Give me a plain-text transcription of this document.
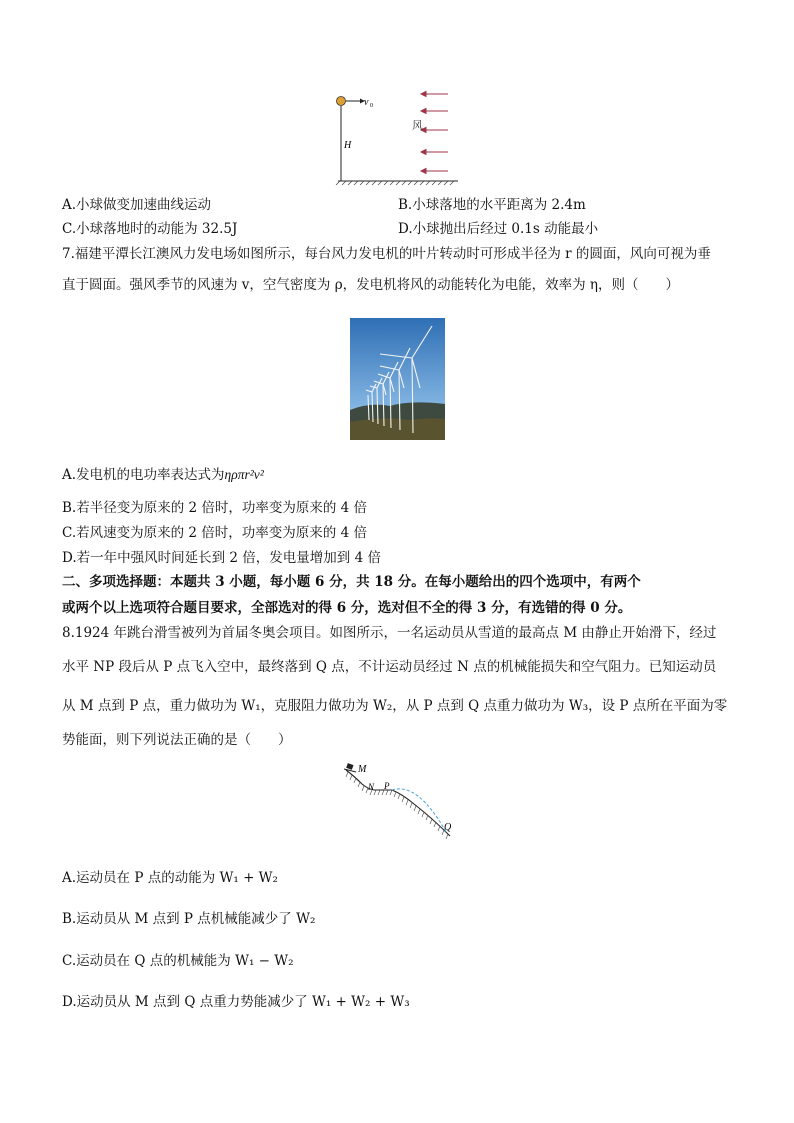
v 0
H
风
A.小球做变加速曲线运动	B.小球落地的水平距离为 2.4m
C.小球落地时的动能为 32.5J	D.小球抛出后经过 0.1s 动能最小
7.福建平潭长江澳风力发电场如图所示，每台风力发电机的叶片转动时可形成半径为 r 的圆面，风向可视为垂
直于圆面。强风季节的风速为 v，空气密度为 ρ，发电机将风的动能转化为电能，效率为 η，则（　　）
A.发电机的电功率表达式为ηρπr²v²
B.若半径变为原来的 2 倍时，功率变为原来的 4 倍
C.若风速变为原来的 2 倍时，功率变为原来的 4 倍
D.若一年中强风时间延长到 2 倍，发电量增加到 4 倍
二、多项选择题：本题共 3 小题，每小题 6 分，共 18 分。在每小题给出的四个选项中，有两个
或两个以上选项符合题目要求，全部选对的得 6 分，选对但不全的得 3 分，有选错的得 0 分。
8.1924 年跳台滑雪被列为首届冬奥会项目。如图所示，一名运动员从雪道的最高点 M 由静止开始滑下，经过
水平 NP 段后从 P 点飞入空中，最终落到 Q 点，不计运动员经过 N 点的机械能损失和空气阻力。已知运动员
从 M 点到 P 点，重力做功为 W₁，克服阻力做功为 W₂，从 P 点到 Q 点重力做功为 W₃，设 P 点所在平面为零
势能面，则下列说法正确的是（　　）
M
N P
Q
A.运动员在 P 点的动能为 W₁ + W₂
B.运动员从 M 点到 P 点机械能减少了 W₂
C.运动员在 Q 点的机械能为 W₁ − W₂
D.运动员从 M 点到 Q 点重力势能减少了 W₁ + W₂ + W₃
